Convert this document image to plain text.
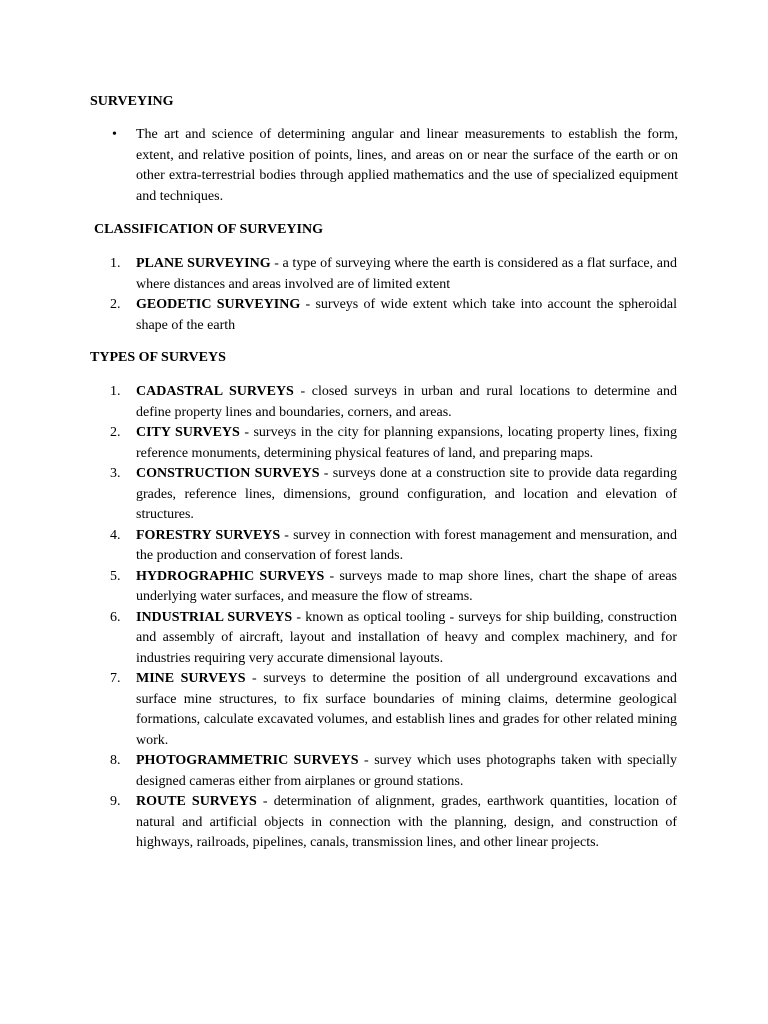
SURVEYING

• The art and science of determining angular and linear measurements to establish the form, extent, and relative position of points, lines, and areas on or near the surface of the earth or on other extra-terrestrial bodies through applied mathematics and the use of specialized equipment and techniques.

CLASSIFICATION OF SURVEYING

1.	PLANE SURVEYING - a type of surveying where the earth is considered as a flat surface, and where distances and areas involved are of limited extent
2.	GEODETIC SURVEYING - surveys of wide extent which take into account the spheroidal shape of the earth

TYPES OF SURVEYS

1.	CADASTRAL SURVEYS - closed surveys in urban and rural locations to determine and define property lines and boundaries, corners, and areas.
2.	CITY SURVEYS - surveys in the city for planning expansions, locating property lines, fixing reference monuments, determining physical features of land, and preparing maps.
3.	CONSTRUCTION SURVEYS - surveys done at a construction site to provide data regarding grades, reference lines, dimensions, ground configuration, and location and elevation of structures.
4.	FORESTRY SURVEYS - survey in connection with forest management and mensuration, and the production and conservation of forest lands.
5.	HYDROGRAPHIC SURVEYS - surveys made to map shore lines, chart the shape of areas underlying water surfaces, and measure the flow of streams.
6.	INDUSTRIAL SURVEYS - known as optical tooling - surveys for ship building, construction and assembly of aircraft, layout and installation of heavy and complex machinery, and for industries requiring very accurate dimensional layouts.
7.	MINE SURVEYS - surveys to determine the position of all underground excavations and surface mine structures, to fix surface boundaries of mining claims, determine geological formations, calculate excavated volumes, and establish lines and grades for other related mining work.
8.	PHOTOGRAMMETRIC SURVEYS - survey which uses photographs taken with specially designed cameras either from airplanes or ground stations.
9.	ROUTE SURVEYS - determination of alignment, grades, earthwork quantities, location of natural and artificial objects in connection with the planning, design, and construction of highways, railroads, pipelines, canals, transmission lines, and other linear projects.
